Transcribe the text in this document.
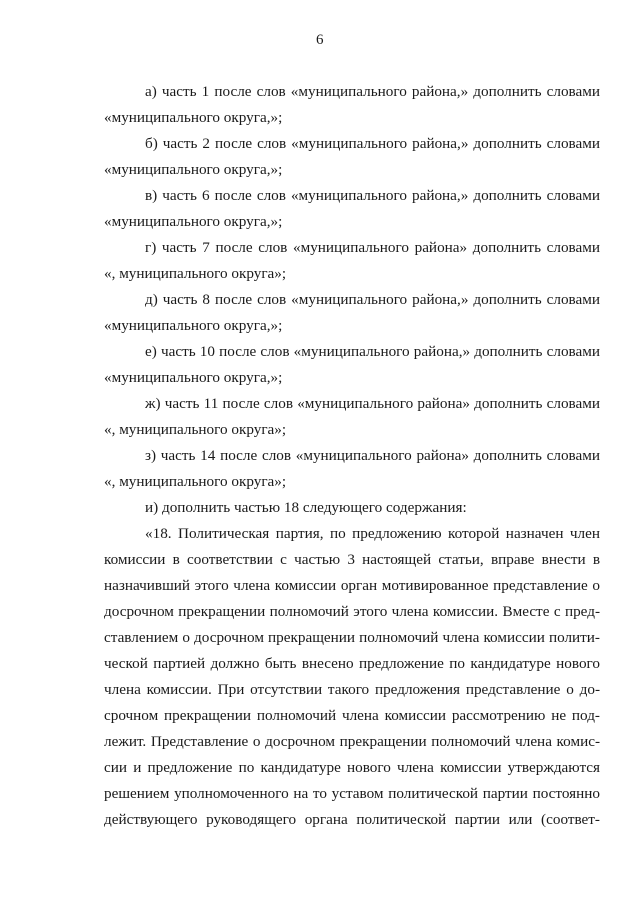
6
а) часть 1 после слов «муниципального района,» дополнить словами
«муниципального округа,»;
б) часть 2 после слов «муниципального района,» дополнить словами
«муниципального округа,»;
в) часть 6 после слов «муниципального района,» дополнить словами
«муниципального округа,»;
г) часть 7 после слов «муниципального района» дополнить словами
«, муниципального округа»;
д) часть 8 после слов «муниципального района,» дополнить словами
«муниципального округа,»;
е) часть 10 после слов «муниципального района,» дополнить словами
«муниципального округа,»;
ж) часть 11 после слов «муниципального района» дополнить словами
«, муниципального округа»;
з) часть 14 после слов «муниципального района» дополнить словами
«, муниципального округа»;
и) дополнить частью 18 следующего содержания:
«18. Политическая партия, по предложению которой назначен член
комиссии в соответствии с частью 3 настоящей статьи, вправе внести в
назначивший этого члена комиссии орган мотивированное представление о
досрочном прекращении полномочий этого члена комиссии. Вместе с пред-
ставлением о досрочном прекращении полномочий члена комиссии полити-
ческой партией должно быть внесено предложение по кандидатуре нового
члена комиссии. При отсутствии такого предложения представление о до-
срочном прекращении полномочий члена комиссии рассмотрению не под-
лежит. Представление о досрочном прекращении полномочий члена комис-
сии и предложение по кандидатуре нового члена комиссии утверждаются
решением уполномоченного на то уставом политической партии постоянно
действующего руководящего органа политической партии или (соответ-
